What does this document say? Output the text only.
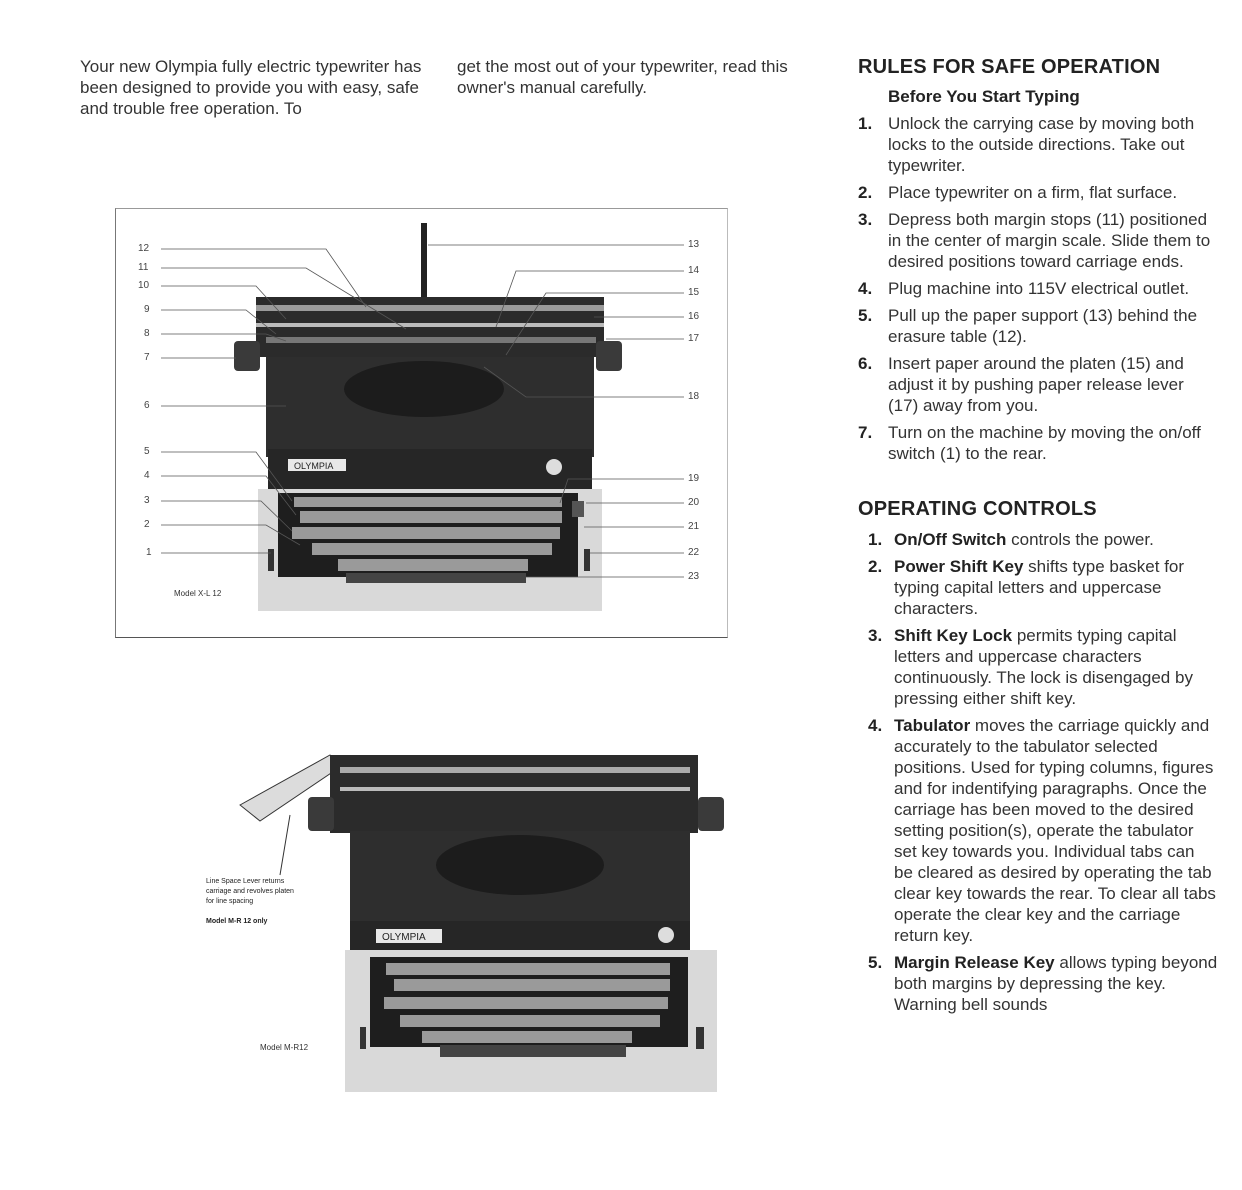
Your new Olympia fully electric typewriter has been designed to provide you with easy, safe and trouble free operation. To

get the most out of your typewriter, read this owner's manual carefully.

OLYMPIA
12
11
10
9
8
7
6
5
4
3
2
1
13
14
15
16
17
18
19
20
21
22
23
Model X-L 12
OLYMPIA
Line Space Lever returns
carriage and revolves platen
for line spacing
Model M-R 12 only
Model M-R12
RULES FOR SAFE OPERATION
Before You Start Typing
1. Unlock the carrying case by moving both locks to the outside directions. Take out typewriter.
2. Place typewriter on a firm, flat surface.
3. Depress both margin stops (11) positioned in the center of margin scale. Slide them to desired positions toward carriage ends.
4. Plug machine into 115V electrical outlet.
5. Pull up the paper support (13) behind the erasure table (12).
6. Insert paper around the platen (15) and adjust it by pushing paper release lever (17) away from you.
7. Turn on the machine by moving the on/off switch (1) to the rear.
OPERATING CONTROLS
1. On/Off Switch controls the power.
2. Power Shift Key shifts type basket for typing capital letters and uppercase characters.
3. Shift Key Lock permits typing capital letters and uppercase characters continuously. The lock is disengaged by pressing either shift key.
4. Tabulator moves the carriage quickly and accurately to the tabulator selected positions. Used for typing columns, figures and for indentifying paragraphs. Once the carriage has been moved to the desired setting position(s), operate the tabulator set key towards you. Individual tabs can be cleared as desired by operating the tab clear key towards the rear. To clear all tabs operate the clear key and the carriage return key.
5. Margin Release Key allows typing beyond both margins by depressing the key. Warning bell sounds
